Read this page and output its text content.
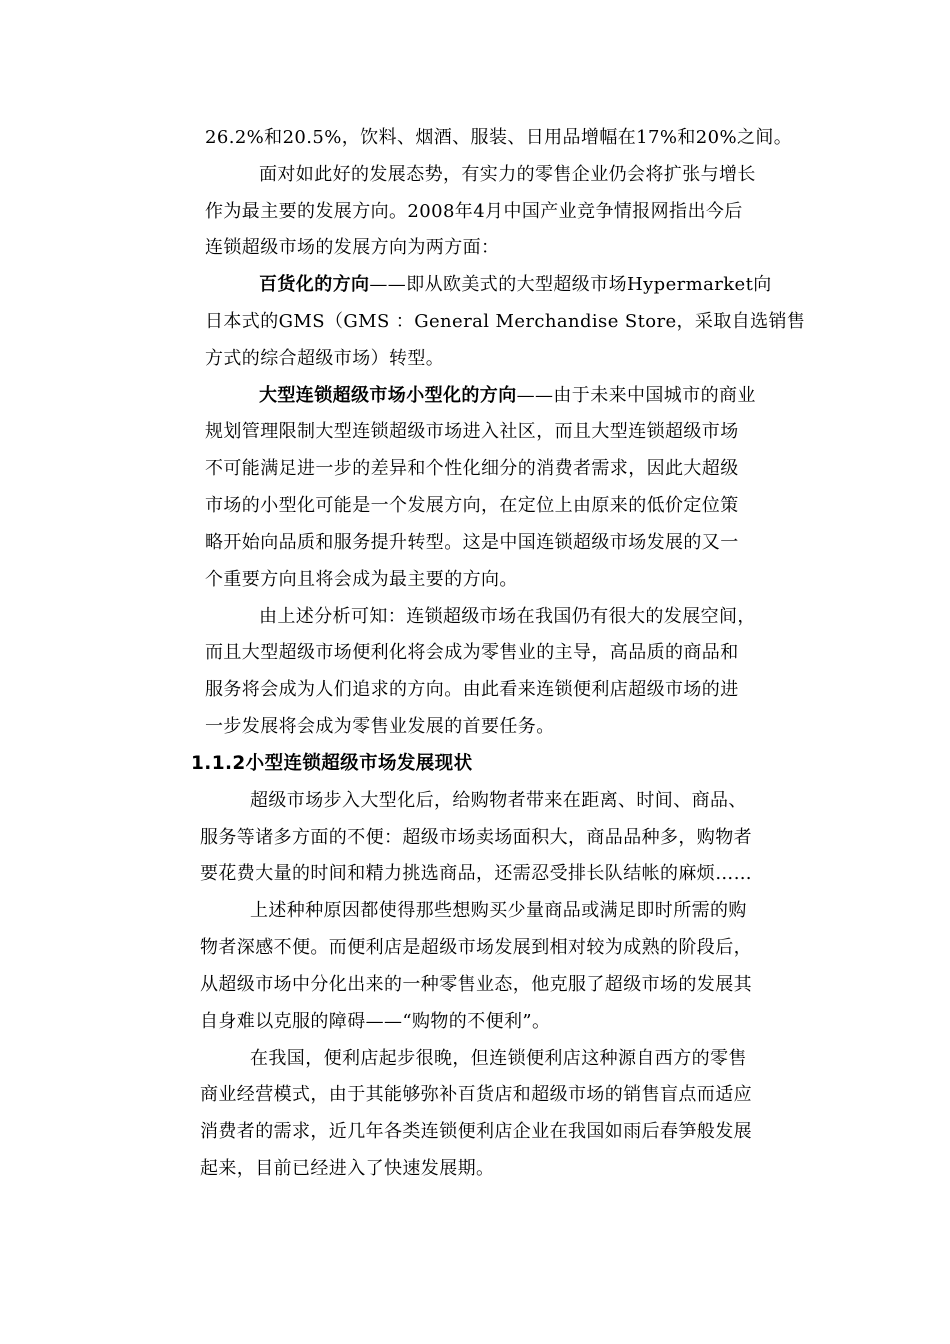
26.2%和20.5%，饮料、烟酒、服装、日用品增幅在17%和20%之间。
面对如此好的发展态势，有实力的零售企业仍会将扩张与增长
作为最主要的发展方向。2008年4月中国产业竞争情报网指出今后
连锁超级市场的发展方向为两方面：
百货化的方向——即从欧美式的大型超级市场Hypermarket向
日本式的GMS（GMS ：General Merchandise Store，采取自选销售
方式的综合超级市场）转型。
大型连锁超级市场小型化的方向——由于未来中国城市的商业
规划管理限制大型连锁超级市场进入社区，而且大型连锁超级市场
不可能满足进一步的差异和个性化细分的消费者需求，因此大超级
市场的小型化可能是一个发展方向，在定位上由原来的低价定位策
略开始向品质和服务提升转型。这是中国连锁超级市场发展的又一
个重要方向且将会成为最主要的方向。
由上述分析可知：连锁超级市场在我国仍有很大的发展空间，
而且大型超级市场便利化将会成为零售业的主导，高品质的商品和
服务将会成为人们追求的方向。由此看来连锁便利店超级市场的进
一步发展将会成为零售业发展的首要任务。
1.1.2小型连锁超级市场发展现状
超级市场步入大型化后，给购物者带来在距离、时间、商品、
服务等诸多方面的不便：超级市场卖场面积大，商品品种多，购物者
要花费大量的时间和精力挑选商品，还需忍受排长队结帐的麻烦……
上述种种原因都使得那些想购买少量商品或满足即时所需的购
物者深感不便。而便利店是超级市场发展到相对较为成熟的阶段后，
从超级市场中分化出来的一种零售业态，他克服了超级市场的发展其
自身难以克服的障碍——“购物的不便利”。
在我国，便利店起步很晚，但连锁便利店这种源自西方的零售
商业经营模式，由于其能够弥补百货店和超级市场的销售盲点而适应
消费者的需求，近几年各类连锁便利店企业在我国如雨后春笋般发展
起来，目前已经进入了快速发展期。
